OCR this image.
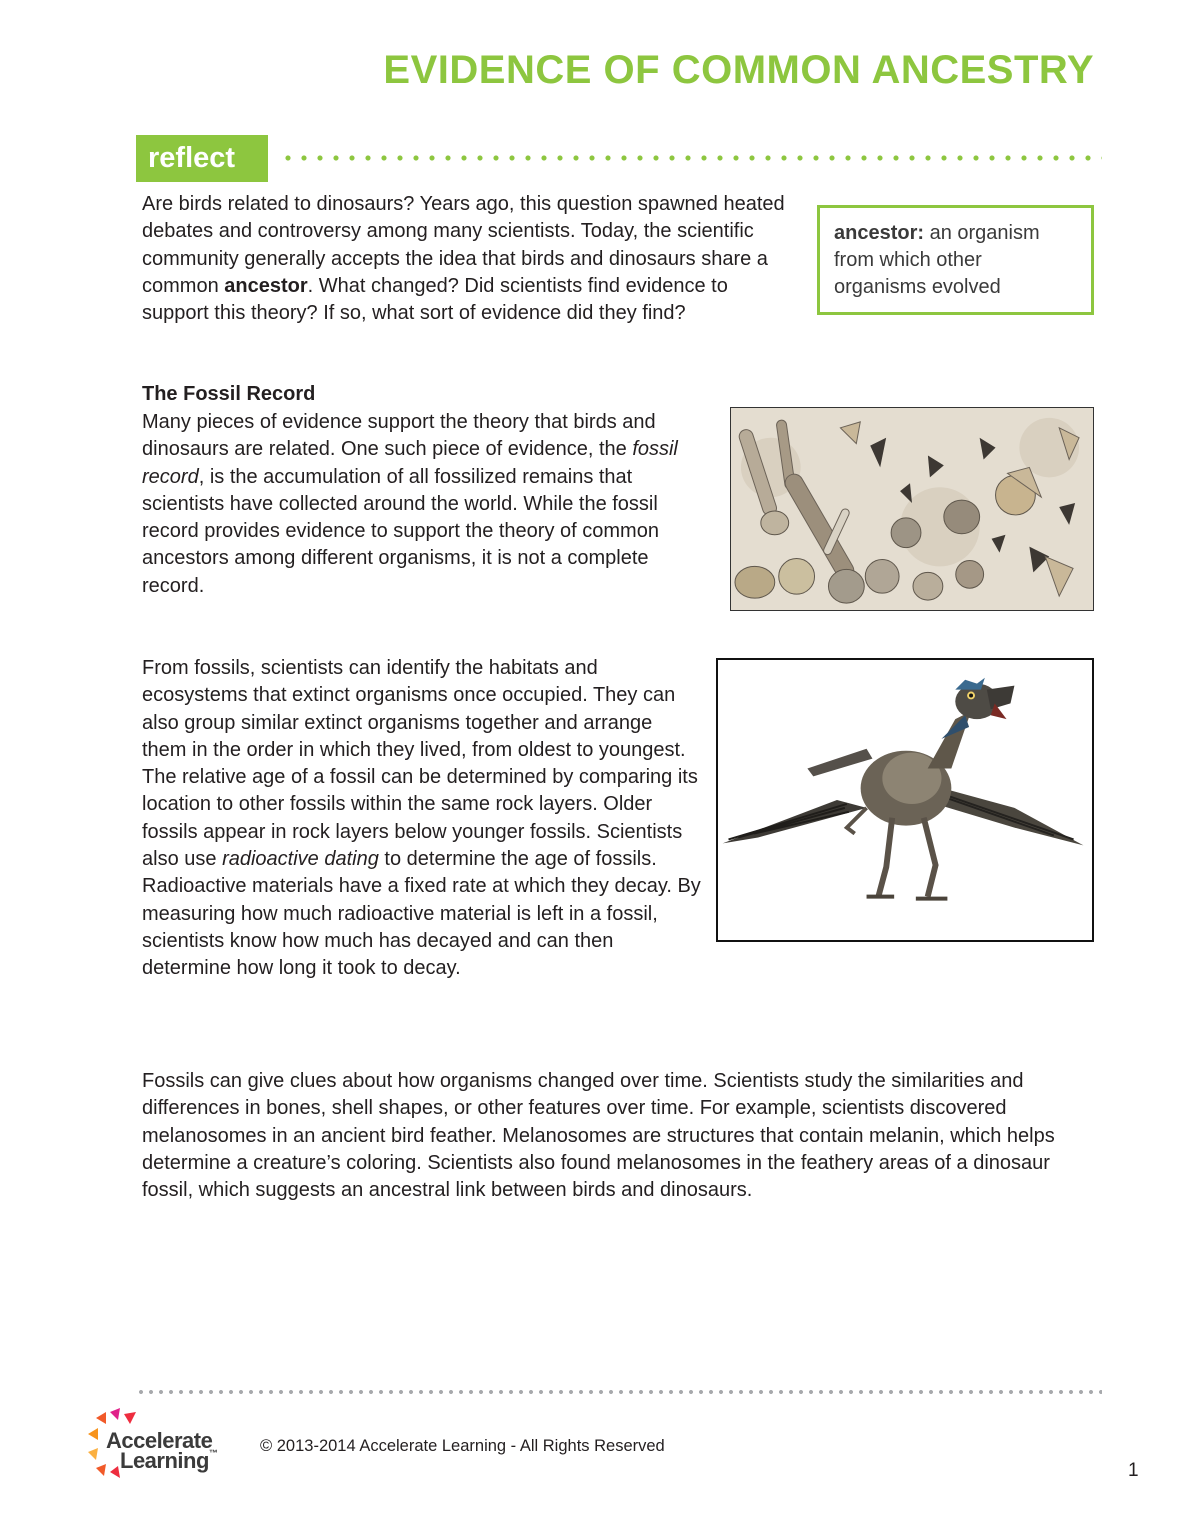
EVIDENCE OF COMMON ANCESTRY
reflect

Are birds related to dinosaurs? Years ago, this question spawned heated debates and controversy among many scientists. Today, the scientific community generally accepts the idea that birds and dinosaurs share a common ancestor. What changed? Did scientists find evidence to support this theory? If so, what sort of evidence did they find?

ancestor: an organism from which other organisms evolved
The Fossil Record

Many pieces of evidence support the theory that birds and dinosaurs are related. One such piece of evidence, the fossil record, is the accumulation of all fossilized remains that scientists have collected around the world. While the fossil record provides evidence to support the theory of common ancestors among different organisms, it is not a complete record.

From fossils, scientists can identify the habitats and ecosystems that extinct organisms once occupied. They can also group similar extinct organisms together and arrange them in the order in which they lived, from oldest to youngest. The relative age of a fossil can be determined by comparing its location to other fossils within the same rock layers. Older fossils appear in rock layers below younger fossils. Scientists also use radioactive dating to determine the age of fossils. Radioactive materials have a fixed rate at which they decay. By measuring how much radioactive material is left in a fossil, scientists know how much has decayed and can then determine how long it took to decay.

Fossils can give clues about how organisms changed over time. Scientists study the similarities and differences in bones, shell shapes, or other features over time. For example, scientists discovered melanosomes in an ancient bird feather. Melanosomes are structures that contain melanin, which helps determine a creature’s coloring. Scientists also found melanosomes in the feathery areas of a dinosaur fossil, which suggests an ancestral link between birds and dinosaurs.

Accelerate
Learning™	© 2013-2014 Accelerate Learning - All Rights Reserved
1
